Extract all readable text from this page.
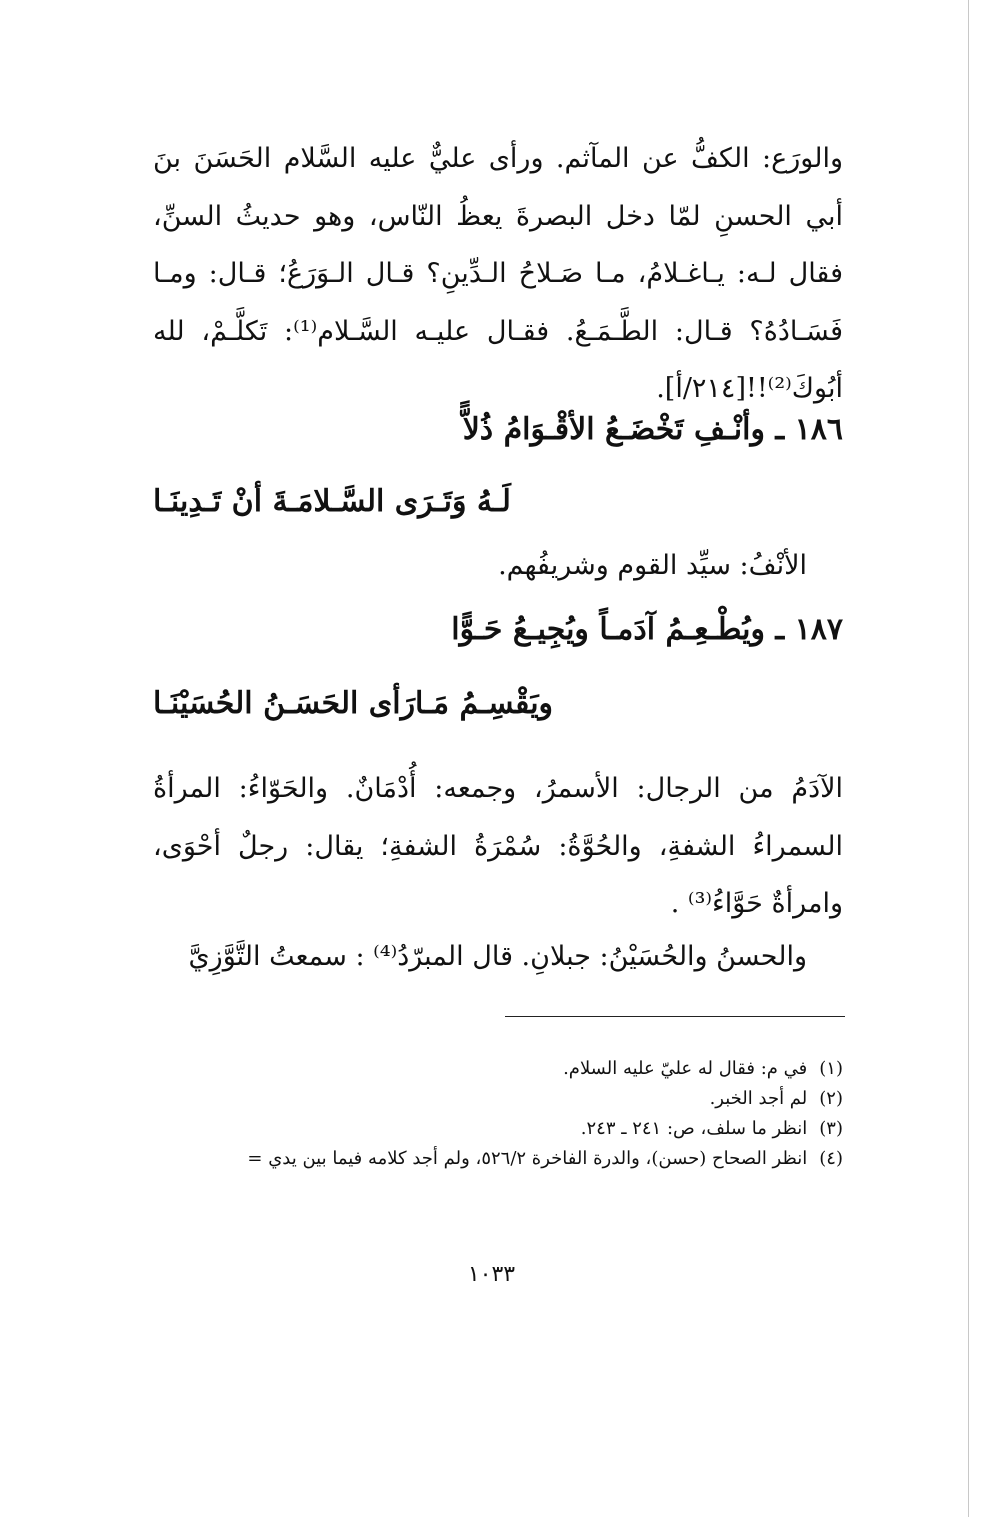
والورَع: الكفُّ عن المآثم. ورأى عليٌّ عليه السَّلام الحَسَنَ بنَ أبي الحسنِ لمّا دخل البصرةَ يعظُ النّاس، وهو حديثُ السنِّ، فقال لـه: يـاغـلامُ، مـا صَـلاحُ الـدِّينِ؟ قـال الـوَرَعُ؛ قـال: ومـا فَسَـادُهُ؟ قـال: الطَّـمَـعُ. فقـال عليـه السَّـلام⁽¹⁾: تَكلَّـمْ، لله أبُوكَ⁽²⁾!![٢١٤/أ].
١٨٦ ـ وأنْـفِ تَخْضَـعُ الأقْـوَامُ ذُلاًّ
لَـهُ وَتَـرَى السَّـلامَـةَ أنْ تَـدِينَـا
الأنْفُ: سيِّد القوم وشريفُهم.
١٨٧ ـ ويُطْـعِـمُ آدَمـاً ويُجِيـعُ حَـوًّا
ويَقْسِـمُ مَـارَأى الحَسَـنُ الحُسَيْنَـا
الآدَمُ من الرجال: الأسمرُ، وجمعه: أُدْمَانٌ. والحَوّاءُ: المرأةُ السمراءُ الشفةِ، والحُوَّةُ: سُمْرَةُ الشفةِ؛ يقال: رجلٌ أحْوَى، وامرأةٌ حَوَّاءُ⁽³⁾ .
والحسنُ والحُسَيْنُ: جبلانِ. قال المبرّدُ⁽⁴⁾ : سمعتُ التَّوَّزِيَّ
(١)في م: فقال له عليّ عليه السلام.
(٢)لم أجد الخبر.
(٣)انظر ما سلف، ص: ٢٤١ ـ ٢٤٣.
(٤)انظر الصحاح (حسن)، والدرة الفاخرة ٥٢٦/٢، ولم أجد كلامه فيما بين يدي =
١٠٣٣
